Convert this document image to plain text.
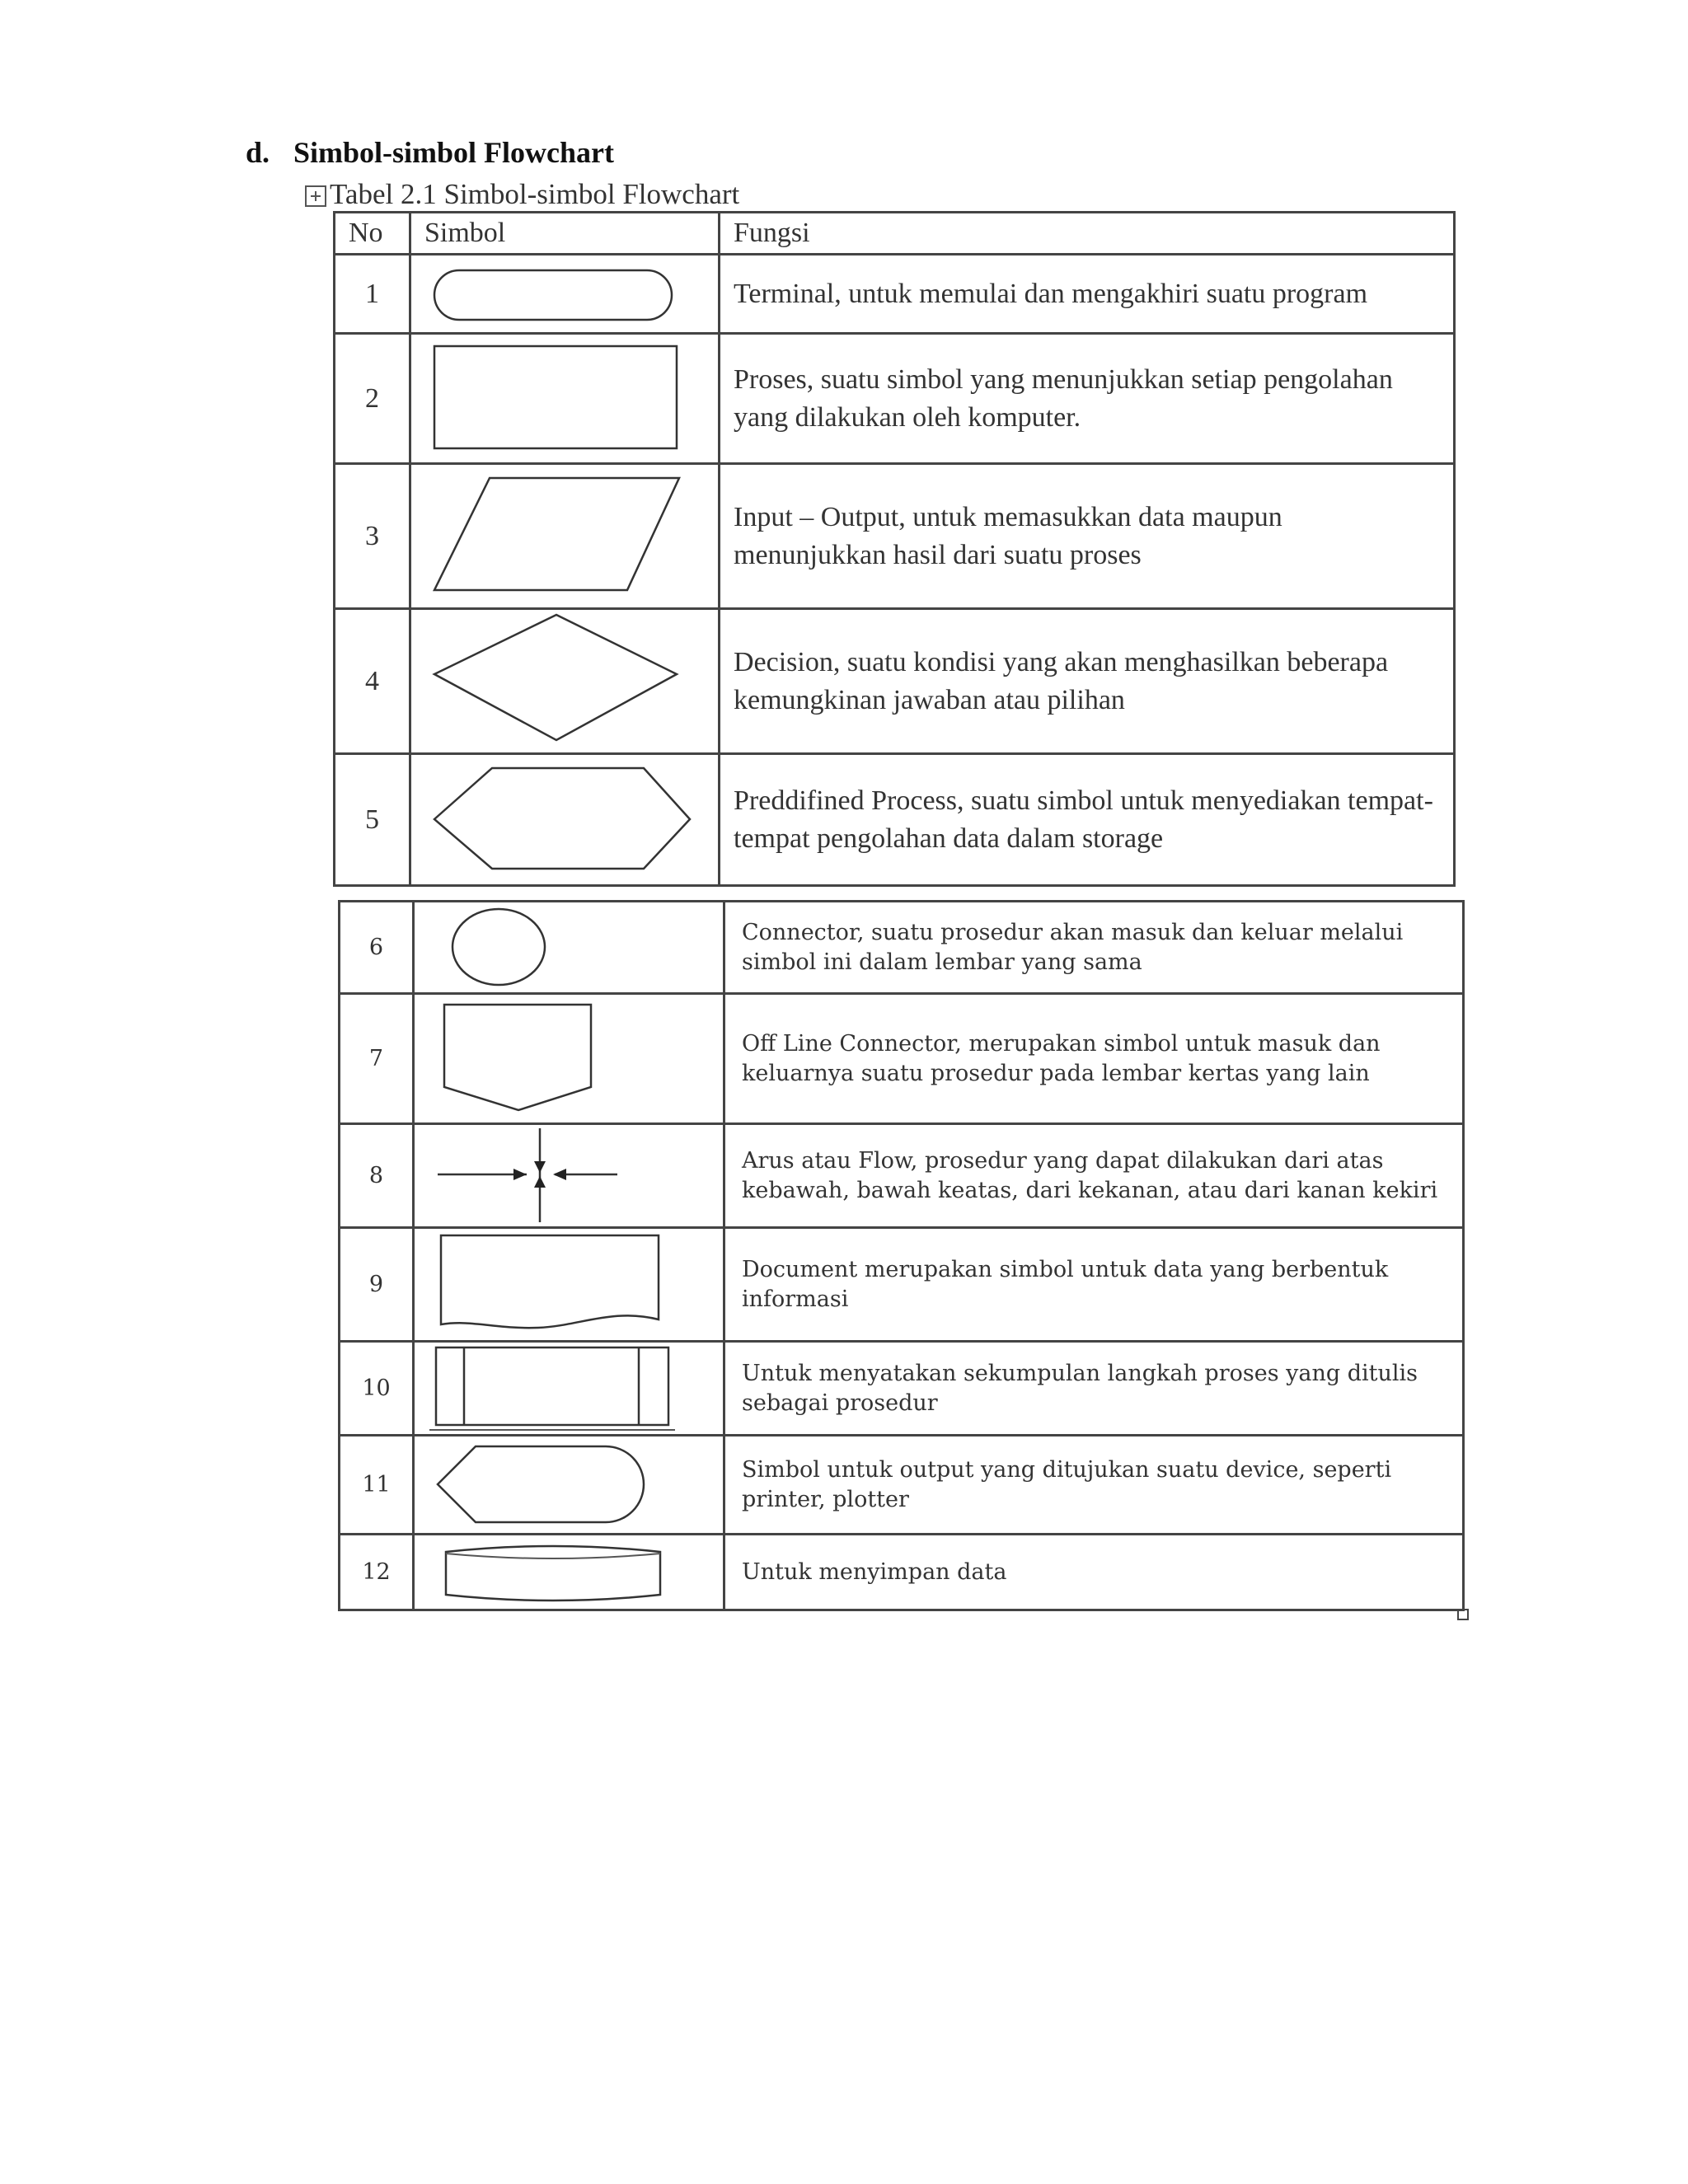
d. Simbol-simbol Flowchart
Tabel 2.1 Simbol-simbol Flowchart
No	Simbol	Fungsi
1		Terminal, untuk memulai dan mengakhiri suatu program
2		Proses, suatu simbol yang menunjukkan setiap pengolahan yang dilakukan oleh komputer.
3		Input – Output, untuk memasukkan data maupun menunjukkan hasil dari suatu proses
4		Decision, suatu kondisi yang akan menghasilkan beberapa kemungkinan jawaban atau pilihan
5		Preddifined Process, suatu simbol untuk menyediakan tempat-tempat pengolahan data dalam storage
6		Connector, suatu prosedur akan masuk dan keluar melalui simbol ini dalam lembar yang sama
7		Off Line Connector, merupakan simbol untuk masuk dan keluarnya suatu prosedur pada lembar kertas yang lain
8		Arus atau Flow, prosedur yang dapat dilakukan dari atas kebawah, bawah keatas, dari kekanan, atau dari kanan kekiri
9		Document merupakan simbol untuk data yang berbentuk informasi
10		Untuk menyatakan sekumpulan langkah proses yang ditulis sebagai prosedur
11		Simbol untuk output yang ditujukan suatu device, seperti printer, plotter
12		Untuk menyimpan data
